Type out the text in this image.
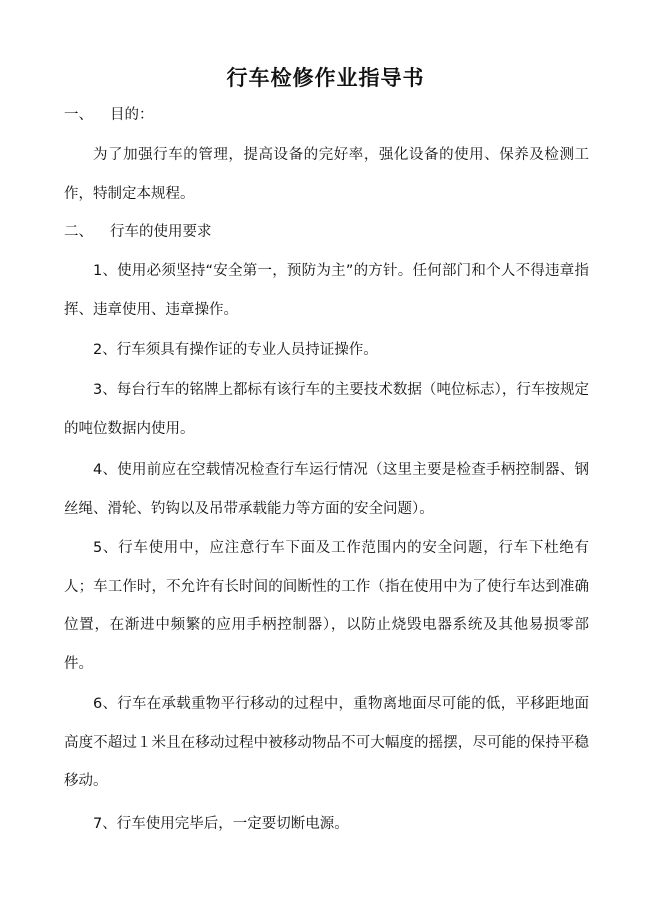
行车检修作业指导书
一、 目的：

为了加强行车的管理，提高设备的完好率，强化设备的使用、保养及检测工作，特制定本规程。

二、 行车的使用要求

1、使用必须坚持“安全第一，预防为主”的方针。任何部门和个人不得违章指挥、违章使用、违章操作。

2、行车须具有操作证的专业人员持证操作。

3、每台行车的铭牌上都标有该行车的主要技术数据（吨位标志），行车按规定的吨位数据内使用。

4、使用前应在空载情况检查行车运行情况（这里主要是检查手柄控制器、钢丝绳、滑轮、钓钩以及吊带承载能力等方面的安全问题）。

5、行车使用中，应注意行车下面及工作范围内的安全问题，行车下杜绝有人；车工作时，不允许有长时间的间断性的工作（指在使用中为了使行车达到准确位置，在渐进中频繁的应用手柄控制器），以防止烧毁电器系统及其他易损零部件。

6、行车在承载重物平行移动的过程中，重物离地面尽可能的低，平移距地面高度不超过１米且在移动过程中被移动物品不可大幅度的摇摆，尽可能的保持平稳移动。

7、行车使用完毕后，一定要切断电源。
